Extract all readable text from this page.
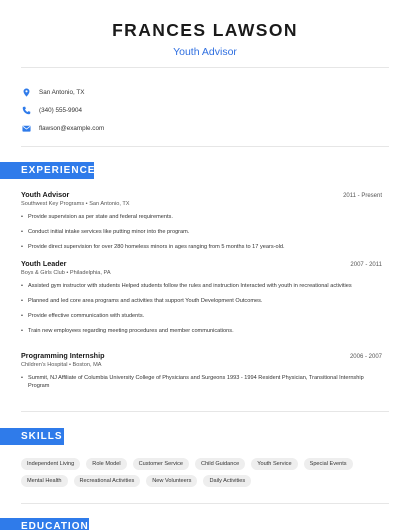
FRANCES LAWSON
Youth Advisor
San Antonio, TX
(340) 555-9904
flawson@example.com
EXPERIENCE
Youth Advisor	2011 - Present
Southwest Key Programs • San Antonio, TX
• Provide supervision as per state and federal requirements.
• Conduct initial intake services like putting minor into the program.
• Provide direct supervision for over 280 homeless minors in ages ranging from 5 months to 17 years-old.
Youth Leader	2007 - 2011
Boys & Girls Club • Philadelphia, PA
• Assisted gym instructor with students Helped students follow the rules and instruction Interacted with youth in recreational activities
• Planned and led core area programs and activities that support Youth Development Outcomes.
• Provide effective communication with students.
• Train new employees regarding meeting procedures and member communications.
Programming Internship	2006 - 2007
Children's Hospital • Boston, MA
• Summit, NJ Affiliate of Columbia University College of Physicians and Surgeons 1993 - 1994 Resident Physician, Transitional Internship Program
SKILLS
Independent Living	Role Model	Customer Service	Child Guidance	Youth Service	Special Events
Mental Health	Recreational Activities	New Volunteers	Daily Activities
EDUCATION
